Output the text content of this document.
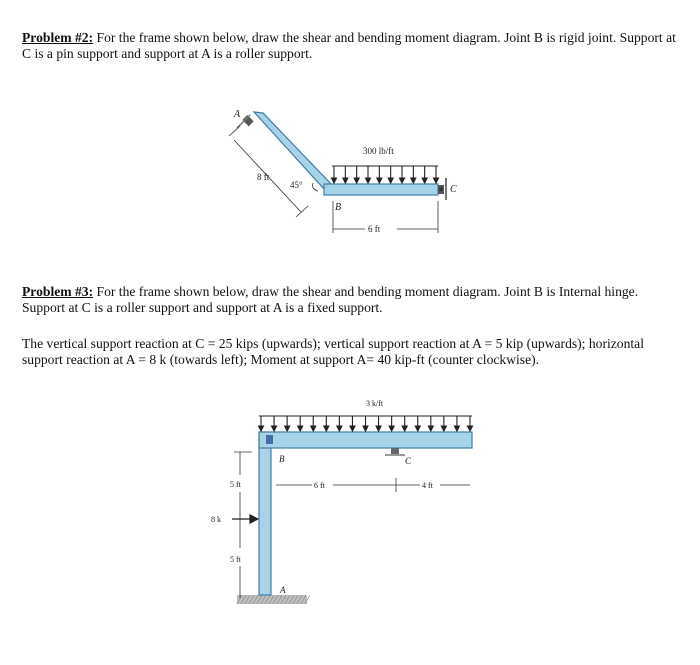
Problem #2: For the frame shown below, draw the shear and bending moment diagram. Joint B is rigid joint. Support at C is a pin support and support at A is a roller support.

A
B
C
300 lb/ft
8 ft
45°
6 ft

Problem #3: For the frame shown below, draw the shear and bending moment diagram. Joint B is Internal hinge. Support at C is a roller support and support at A is a fixed support.

The vertical support reaction at C = 25 kips (upwards); vertical support reaction at A = 5 kip (upwards); horizontal support reaction at A = 8 k (towards left); Moment at support A= 40 kip-ft (counter clockwise).

3 k/ft
B	C
A
6 ft	4 ft
5 ft
5 ft
8 k
